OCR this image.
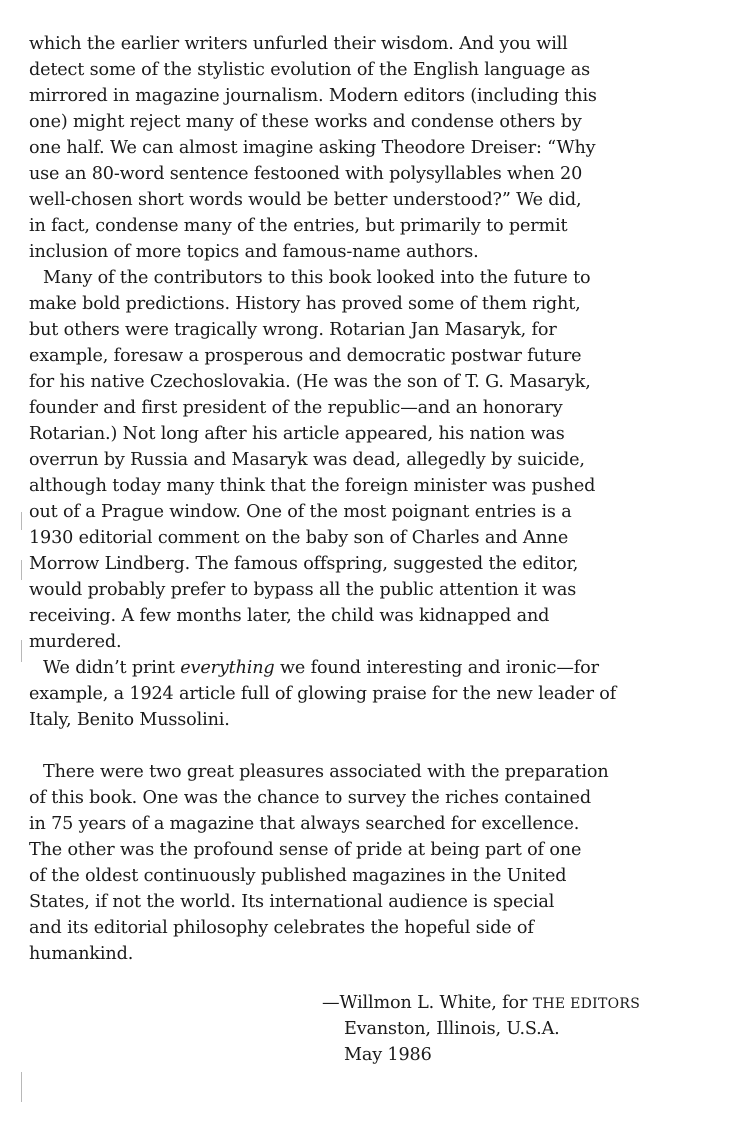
which the earlier writers unfurled their wisdom. And you will
detect some of the stylistic evolution of the English language as
mirrored in magazine journalism. Modern editors (including this
one) might reject many of these works and condense others by
one half. We can almost imagine asking Theodore Dreiser: “Why
use an 80-word sentence festooned with polysyllables when 20
well-chosen short words would be better understood?” We did,
in fact, condense many of the entries, but primarily to permit
inclusion of more topics and famous-name authors.
Many of the contributors to this book looked into the future to
make bold predictions. History has proved some of them right,
but others were tragically wrong. Rotarian Jan Masaryk, for
example, foresaw a prosperous and democratic postwar future
for his native Czechoslovakia. (He was the son of T. G. Masaryk,
founder and first president of the republic—and an honorary
Rotarian.) Not long after his article appeared, his nation was
overrun by Russia and Masaryk was dead, allegedly by suicide,
although today many think that the foreign minister was pushed
out of a Prague window. One of the most poignant entries is a
1930 editorial comment on the baby son of Charles and Anne
Morrow Lindberg. The famous offspring, suggested the editor,
would probably prefer to bypass all the public attention it was
receiving. A few months later, the child was kidnapped and
murdered.
We didn’t print everything we found interesting and ironic—for
example, a 1924 article full of glowing praise for the new leader of
Italy, Benito Mussolini.
There were two great pleasures associated with the preparation
of this book. One was the chance to survey the riches contained
in 75 years of a magazine that always searched for excellence.
The other was the profound sense of pride at being part of one
of the oldest continuously published magazines in the United
States, if not the world. Its international audience is special
and its editorial philosophy celebrates the hopeful side of
humankind.
—Willmon L. White, for THE EDITORS
Evanston, Illinois, U.S.A.
May 1986
